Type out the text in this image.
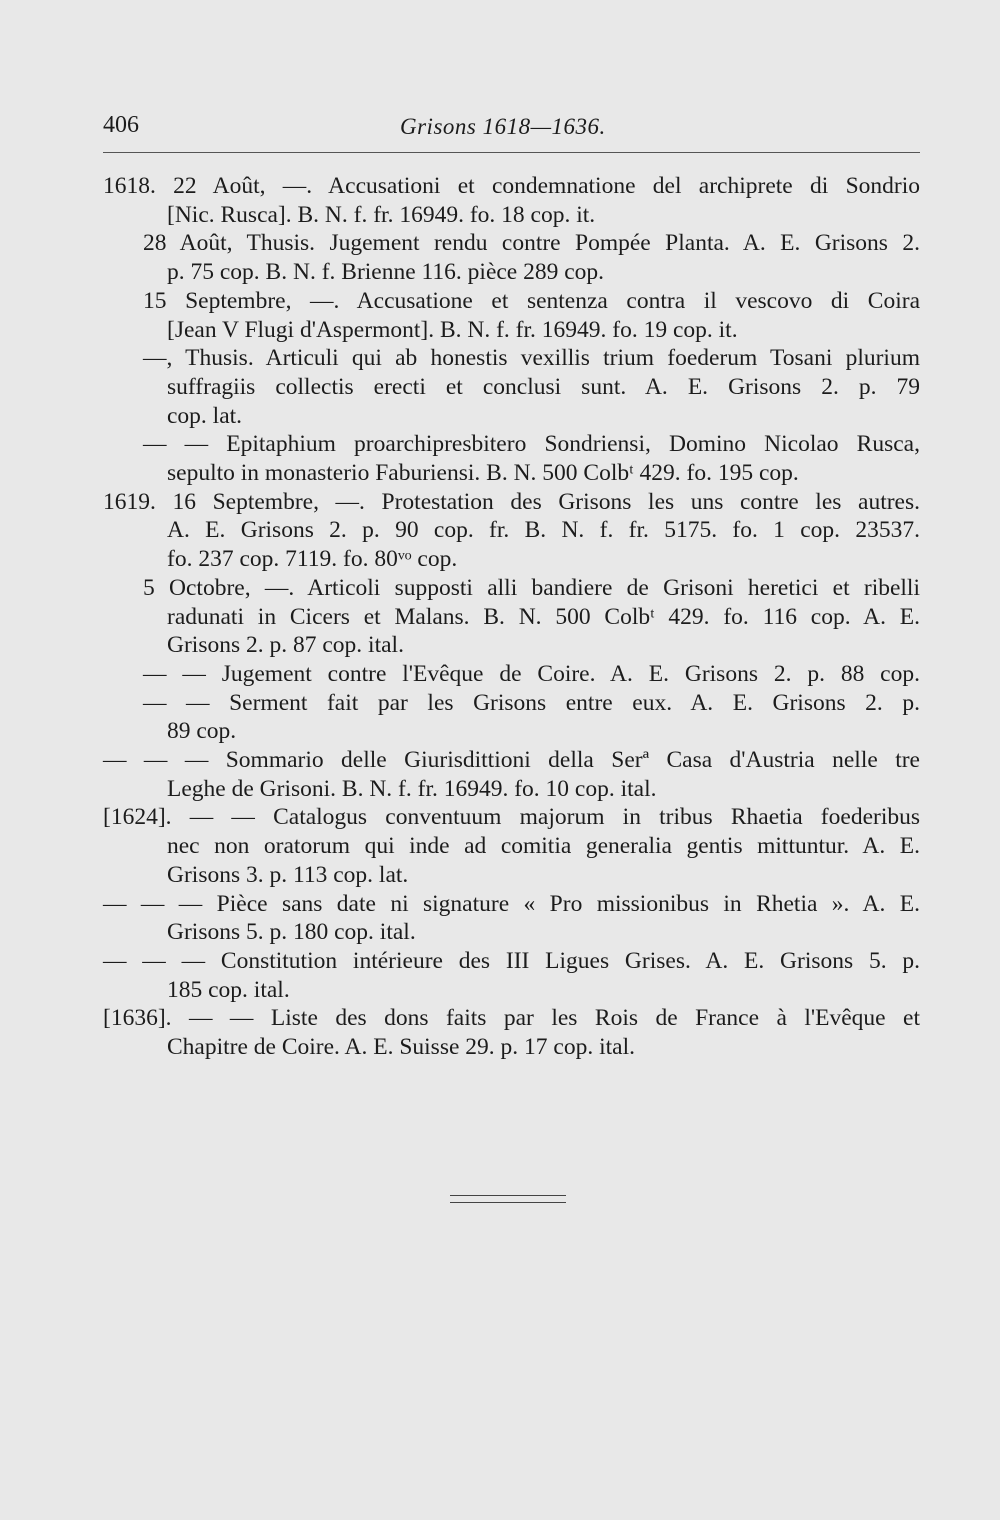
406	Grisons 1618—1636.

1618. 22 Août, —. Accusationi et condemnatione del archiprete di Sondrio
[Nic. Rusca]. B. N. f. fr. 16949. fo. 18 cop. it.

28 Août, Thusis. Jugement rendu contre Pompée Planta. A. E. Grisons 2.
p. 75 cop. B. N. f. Brienne 116. pièce 289 cop.

15 Septembre, —. Accusatione et sentenza contra il vescovo di Coira
[Jean V Flugi d'Aspermont]. B. N. f. fr. 16949. fo. 19 cop. it.

—, Thusis. Articuli qui ab honestis vexillis trium foederum Tosani plurium
suffragiis collectis erecti et conclusi sunt. A. E. Grisons 2. p. 79
cop. lat.

— — Epitaphium proarchipresbitero Sondriensi, Domino Nicolao Rusca,
sepulto in monasterio Faburiensi. B. N. 500 Colbᵗ 429. fo. 195 cop.

1619. 16 Septembre, —. Protestation des Grisons les uns contre les autres.
A. E. Grisons 2. p. 90 cop. fr. B. N. f. fr. 5175. fo. 1 cop. 23537.
fo. 237 cop. 7119. fo. 80ᵛᵒ cop.

5 Octobre, —. Articoli supposti alli bandiere de Grisoni heretici et ribelli
radunati in Cicers et Malans. B. N. 500 Colbᵗ 429. fo. 116 cop. A. E.
Grisons 2. p. 87 cop. ital.

— — Jugement contre l'Evêque de Coire. A. E. Grisons 2. p. 88 cop.

— — Serment fait par les Grisons entre eux. A. E. Grisons 2. p.
89 cop.

— — — Sommario delle Giurisdittioni della Serª Casa d'Austria nelle tre
Leghe de Grisoni. B. N. f. fr. 16949. fo. 10 cop. ital.

[1624]. — — Catalogus conventuum majorum in tribus Rhaetia foederibus
nec non oratorum qui inde ad comitia generalia gentis mittuntur. A. E.
Grisons 3. p. 113 cop. lat.

— — — Pièce sans date ni signature « Pro missionibus in Rhetia ». A. E.
Grisons 5. p. 180 cop. ital.

— — — Constitution intérieure des III Ligues Grises. A. E. Grisons 5. p.
185 cop. ital.

[1636]. — — Liste des dons faits par les Rois de France à l'Evêque et
Chapitre de Coire. A. E. Suisse 29. p. 17 cop. ital.
